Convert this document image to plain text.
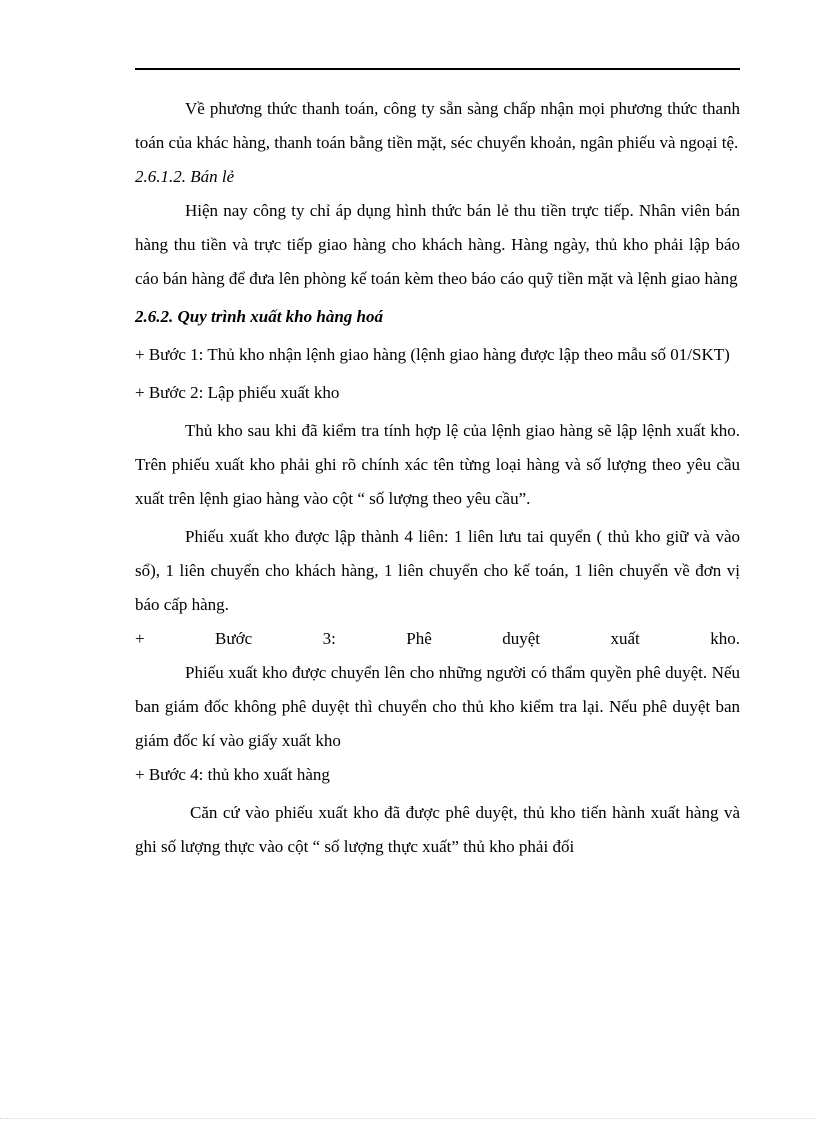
Về phương thức thanh toán, công ty sẵn sàng chấp nhận mọi phương thức thanh toán của khác hàng, thanh toán bằng tiền mặt, séc chuyển khoản, ngân phiếu và ngoại tệ.

2.6.1.2. Bán lẻ

Hiện nay công ty chỉ áp dụng hình thức bán lẻ thu tiền trực tiếp. Nhân viên bán hàng thu tiền và trực tiếp giao hàng cho khách hàng. Hàng ngày, thủ kho phải lập báo cáo bán hàng để đưa lên phòng kế toán kèm theo báo cáo quỹ tiền mặt và lệnh giao hàng

2.6.2. Quy trình xuất kho hàng hoá

+ Bước 1: Thủ kho nhận lệnh giao hàng (lệnh giao hàng được lập theo mẫu số 01/SKT)

+ Bước 2: Lập phiếu xuất kho

Thủ kho sau khi đã kiểm tra tính hợp lệ của lệnh giao hàng sẽ lập lệnh xuất kho. Trên phiếu xuất kho phải ghi rõ chính xác tên từng loại hàng và số lượng theo yêu cầu xuất trên lệnh giao hàng vào cột “ số lượng theo yêu cầu”.

Phiếu xuất kho được lập thành 4 liên: 1 liên lưu tai quyển ( thủ kho giữ và vào sổ), 1 liên chuyển cho khách hàng, 1 liên chuyển cho kế toán, 1 liên chuyển về đơn vị báo cấp hàng.

+	Bước	3:	Phê	duyệt	xuất	kho.

Phiếu xuất kho được chuyển lên cho những người có thẩm quyền phê duyệt. Nếu ban giám đốc không phê duyệt thì chuyển cho thủ kho kiểm tra lại. Nếu phê duyệt ban giám đốc kí vào giấy xuất kho

+ Bước 4: thủ kho xuất hàng

Căn cứ vào phiếu xuất kho đã được phê duyệt, thủ kho tiến hành xuất hàng và ghi số lượng thực vào cột “ số lượng thực xuất” thủ kho phải đối
